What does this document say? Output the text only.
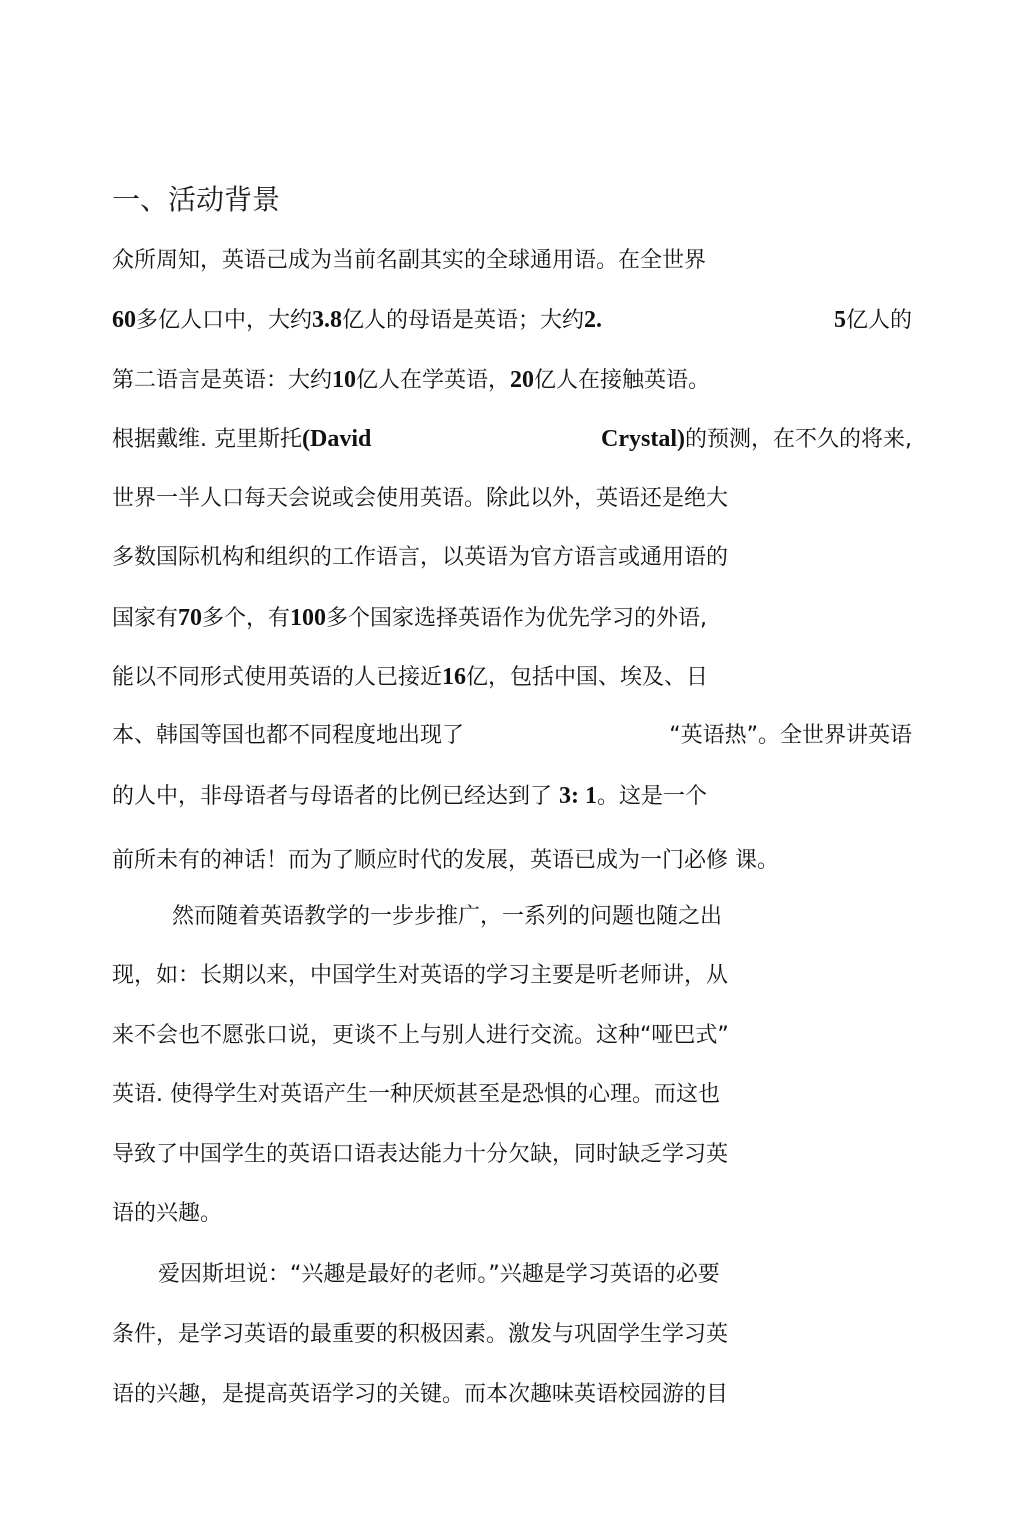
一、活动背景
众所周知，英语己成为当前名副其实的全球通用语。在全世界
60多亿人口中，大约3.8亿人的母语是英语；大约2.	5亿人的
第二语言是英语：大约10亿人在学英语，20亿人在接触英语。
根据戴维. 克里斯托(David	Crystal)的预测，在不久的将来,
世界一半人口每天会说或会使用英语。除此以外，英语还是绝大
多数国际机构和组织的工作语言，以英语为官方语言或通用语的
国家有70多个，有100多个国家选择英语作为优先学习的外语,
能以不同形式使用英语的人已接近16亿，包括中国、埃及、日
本、韩国等国也都不同程度地出现了	“英语热”。全世界讲英语
的人中，非母语者与母语者的比例已经达到了 3: 1。这是一个
前所未有的神话！而为了顺应时代的发展，英语已成为一门必修 课。
然而随着英语教学的一步步推广，一系列的问题也随之出
现，如：长期以来，中国学生对英语的学习主要是听老师讲，从
来不会也不愿张口说，更谈不上与别人进行交流。这种“哑巴式”
英语. 使得学生对英语产生一种厌烦甚至是恐惧的心理。而这也
导致了中国学生的英语口语表达能力十分欠缺，同时缺乏学习英
语的兴趣。
爱因斯坦说：“兴趣是最好的老师。”兴趣是学习英语的必要
条件，是学习英语的最重要的积极因素。激发与巩固学生学习英
语的兴趣，是提高英语学习的关键。而本次趣味英语校园游的目
